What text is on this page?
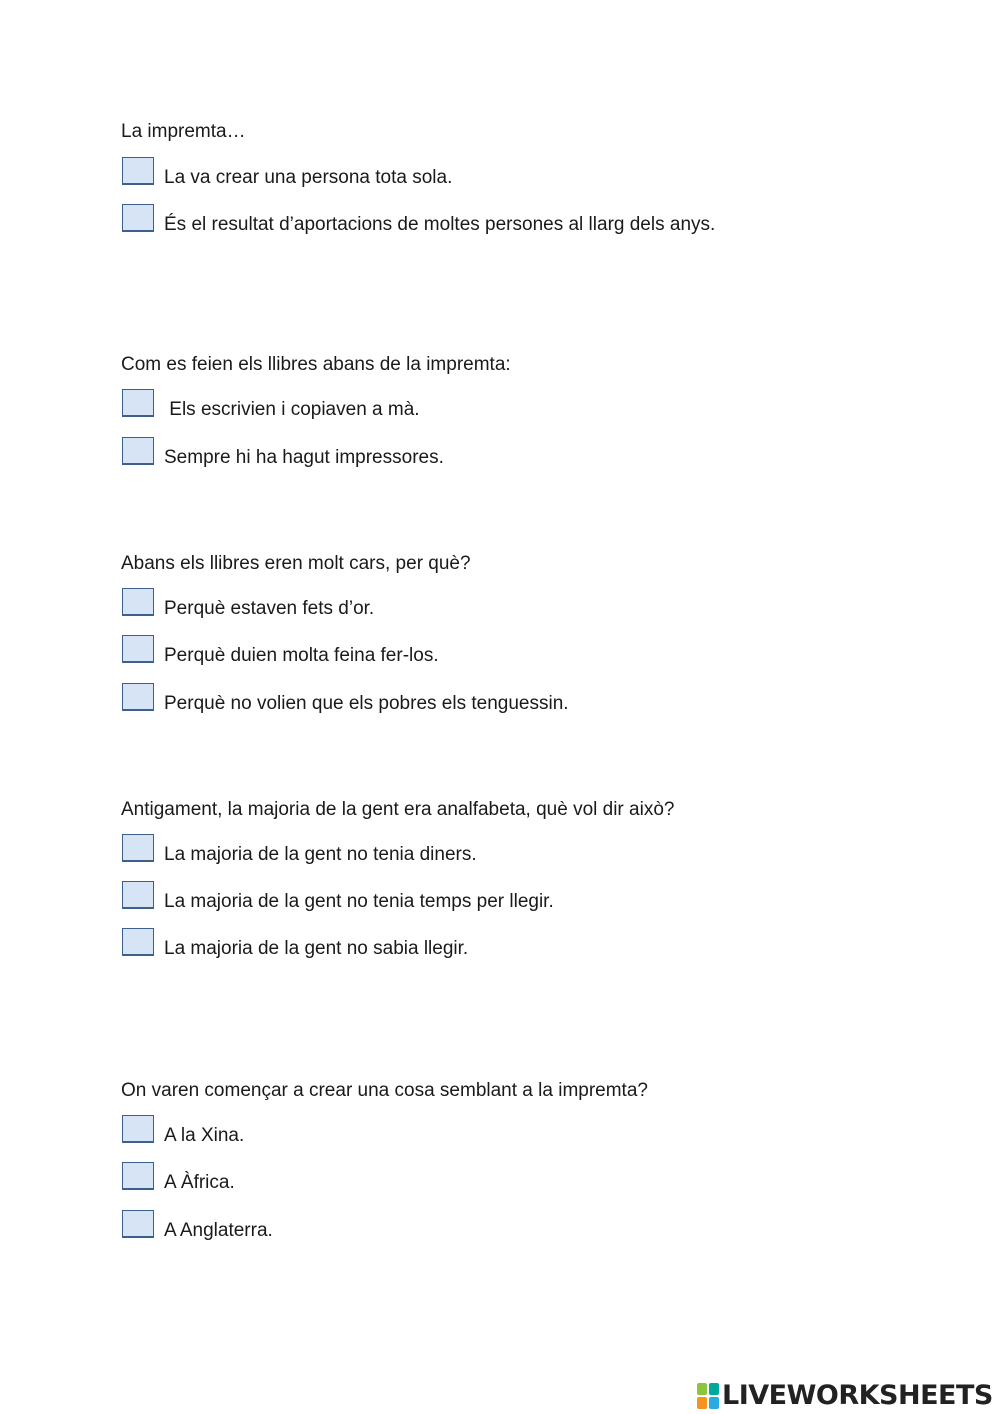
La impremta…
La va crear una persona tota sola.
És el resultat d’aportacions de moltes persones al llarg dels anys.
Com es feien els llibres abans de la impremta:
Els escrivien i copiaven a mà.
Sempre hi ha hagut impressores.
Abans els llibres eren molt cars, per què?
Perquè estaven fets d’or.
Perquè duien molta feina fer-los.
Perquè no volien que els pobres els tenguessin.
Antigament, la majoria de la gent era analfabeta, què vol dir això?
La majoria de la gent no tenia diners.
La majoria de la gent no tenia temps per llegir.
La majoria de la gent no sabia llegir.
On varen començar a crear una cosa semblant a la impremta?
A la Xina.
A Àfrica.
A Anglaterra.
LIVEWORKSHEETS
